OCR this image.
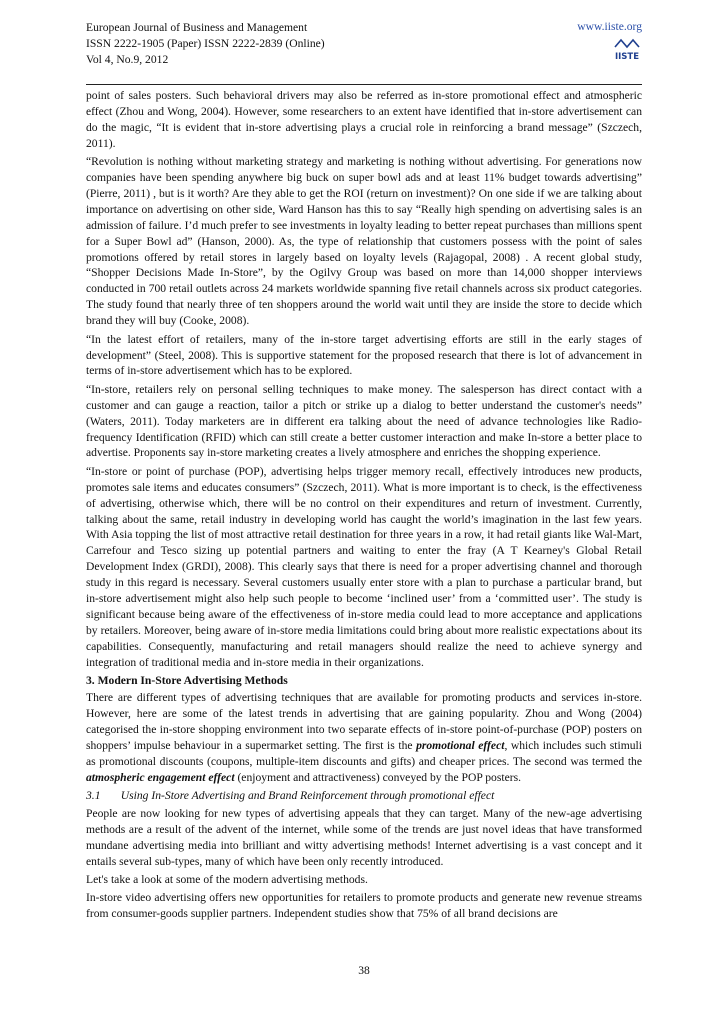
European Journal of Business and Management
ISSN 2222-1905 (Paper) ISSN 2222-2839 (Online)
Vol 4, No.9, 2012
www.iiste.org
IISTE

point of sales posters. Such behavioral drivers may also be referred as in-store promotional effect and atmospheric effect (Zhou and Wong, 2004). However, some researchers to an extent have identified that in-store advertisement can do the magic, “It is evident that in-store advertising plays a crucial role in reinforcing a brand message” (Szczech, 2011).

“Revolution is nothing without marketing strategy and marketing is nothing without advertising. For generations now companies have been spending anywhere big buck on super bowl ads and at least 11% budget towards advertising” (Pierre, 2011) , but is it worth? Are they able to get the ROI (return on investment)? On one side if we are talking about importance on advertising on other side, Ward Hanson has this to say “Really high spending on advertising sales is an admission of failure. I’d much prefer to see investments in loyalty leading to better repeat purchases than millions spent for a Super Bowl ad” (Hanson, 2000). As, the type of relationship that customers possess with the point of sales promotions offered by retail stores in largely based on loyalty levels (Rajagopal, 2008) . A recent global study, “Shopper Decisions Made In-Store”, by the Ogilvy Group was based on more than 14,000 shopper interviews conducted in 700 retail outlets across 24 markets worldwide spanning five retail channels across six product categories. The study found that nearly three of ten shoppers around the world wait until they are inside the store to decide which brand they will buy (Cooke, 2008).

“In the latest effort of retailers, many of the in-store target advertising efforts are still in the early stages of development” (Steel, 2008). This is supportive statement for the proposed research that there is lot of advancement in terms of in-store advertisement which has to be explored.

“In-store, retailers rely on personal selling techniques to make money. The salesperson has direct contact with a customer and can gauge a reaction, tailor a pitch or strike up a dialog to better understand the customer's needs” (Waters, 2011). Today marketers are in different era talking about the need of advance technologies like Radio-frequency Identification (RFID) which can still create a better customer interaction and make In-store a better place to advertise. Proponents say in-store marketing creates a lively atmosphere and enriches the shopping experience.

“In-store or point of purchase (POP), advertising helps trigger memory recall, effectively introduces new products, promotes sale items and educates consumers” (Szczech, 2011). What is more important is to check, is the effectiveness of advertising, otherwise which, there will be no control on their expenditures and return of investment. Currently, talking about the same, retail industry in developing world has caught the world’s imagination in the last few years. With Asia topping the list of most attractive retail destination for three years in a row, it had retail giants like Wal-Mart, Carrefour and Tesco sizing up potential partners and waiting to enter the fray (A T Kearney's Global Retail Development Index (GRDI), 2008). This clearly says that there is need for a proper advertising channel and thorough study in this regard is necessary. Several customers usually enter store with a plan to purchase a particular brand, but in-store advertisement might also help such people to become ‘inclined user’ from a ‘committed user’. The study is significant because being aware of the effectiveness of in-store media could lead to more acceptance and applications by retailers. Moreover, being aware of in-store media limitations could bring about more realistic expectations about its capabilities. Consequently, manufacturing and retail managers should realize the need to achieve synergy and integration of traditional media and in-store media in their organizations.

3. Modern In-Store Advertising Methods

There are different types of advertising techniques that are available for promoting products and services in-store. However, here are some of the latest trends in advertising that are gaining popularity. Zhou and Wong (2004) categorised the in-store shopping environment into two separate effects of in-store point-of-purchase (POP) posters on shoppers’ impulse behaviour in a supermarket setting. The first is the promotional effect, which includes such stimuli as promotional discounts (coupons, multiple-item discounts and gifts) and cheaper prices. The second was termed the atmospheric engagement effect (enjoyment and attractiveness) conveyed by the POP posters.

3.1       Using In-Store Advertising and Brand Reinforcement through promotional effect

People are now looking for new types of advertising appeals that they can target. Many of the new-age advertising methods are a result of the advent of the internet, while some of the trends are just novel ideas that have transformed mundane advertising media into brilliant and witty advertising methods! Internet advertising is a vast concept and it entails several sub-types, many of which have been only recently introduced.

Let's take a look at some of the modern advertising methods.

In-store video advertising offers new opportunities for retailers to promote products and generate new revenue streams from consumer-goods supplier partners. Independent studies show that 75% of all brand decisions are

38
